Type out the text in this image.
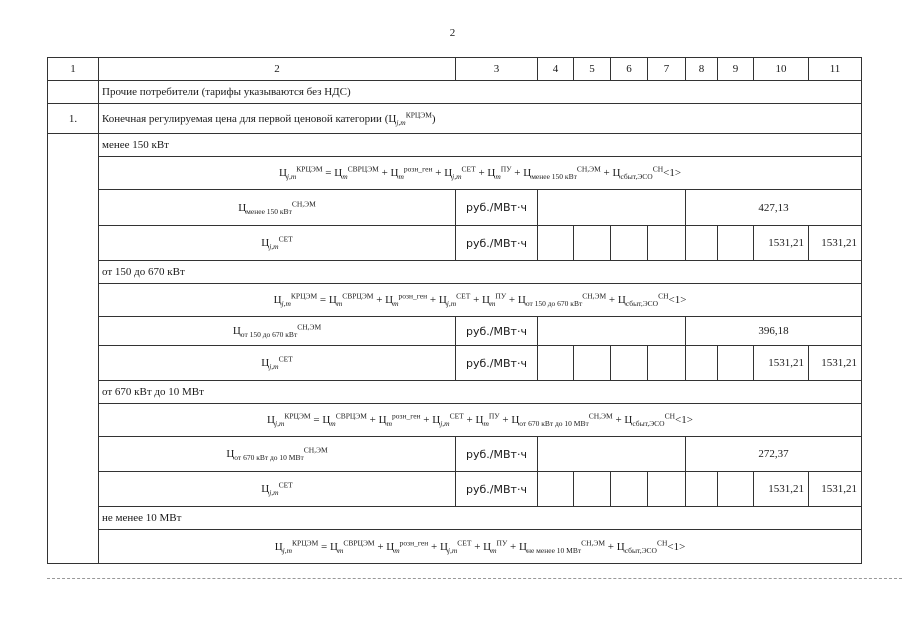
2
1	2	3	4	5	6	7	8	9	10	11
	Прочие потребители (тарифы указываются без НДС)									
1.	Конечная регулируемая цена для первой ценовой категории $(Ц_{j,m}^{КРЦЭМ})$									
	менее 150 кВт									
	$Ц_{j,m}^{КРЦЭМ} = Ц_m^{СВРЦЭМ} + Ц_m^{розн\_ген} + Ц_{j,m}^{СЕТ} + Ц_m^{ПУ} + Ц_{менее 150 кВт}^{СН,ЭМ} + Ц_{сбыт,ЭСО}^{СН}<1>$									
	$Ц_{менее 150 кВт}^{СН,ЭМ}$	руб./МВт·ч					427,13			
	$Ц_{j,m}^{СЕТ}$	руб./МВт·ч							1531,21	1531,21
	от 150 до 670 кВт									
	$Ц_{j,m}^{КРЦЭМ} = Ц_m^{СВРЦЭМ} + Ц_m^{розн\_ген} + Ц_{j,m}^{СЕТ} + Ц_m^{ПУ} + Ц_{от 150 до 670 кВт}^{СН,ЭМ} + Ц_{сбыт,ЭСО}^{СН}<1>$									
	$Ц_{от 150 до 670 кВт}^{СН,ЭМ}$	руб./МВт·ч					396,18			
	$Ц_{j,m}^{СЕТ}$	руб./МВт·ч							1531,21	1531,21
	от 670 кВт до 10 МВт									
	$Ц_{j,m}^{КРЦЭМ} = Ц_m^{СВРЦЭМ} + Ц_m^{розн\_ген} + Ц_{j,m}^{СЕТ} + Ц_m^{ПУ} + Ц_{от 670 кВт до 10 МВт}^{СН,ЭМ} + Ц_{сбыт,ЭСО}^{СН}<1>$									
	$Ц_{от 670 кВт до 10 МВт}^{СН,ЭМ}$	руб./МВт·ч					272,37			
	$Ц_{j,m}^{СЕТ}$	руб./МВт·ч							1531,21	1531,21
	не менее 10 МВт									
	$Ц_{j,m}^{КРЦЭМ} = Ц_m^{СВРЦЭМ} + Ц_m^{розн\_ген} + Ц_{j,m}^{СЕТ} + Ц_m^{ПУ} + Ц_{не менее 10 МВт}^{СН,ЭМ} + Ц_{сбыт,ЭСО}^{СН}<1>$									
